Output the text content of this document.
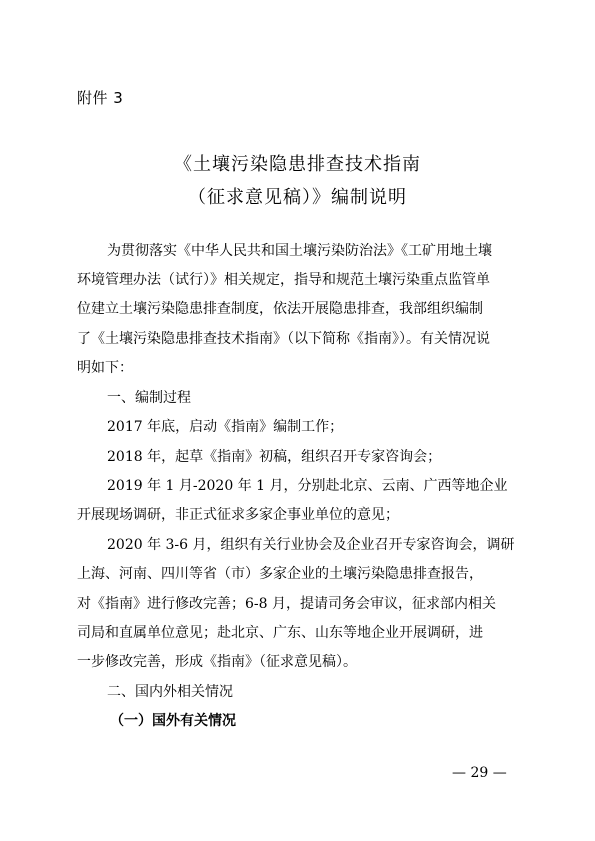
附件 3
《土壤污染隐患排查技术指南
（征求意见稿）》编制说明
为贯彻落实《中华人民共和国土壤污染防治法》《工矿用地土壤
环境管理办法（试行）》相关规定，指导和规范土壤污染重点监管单
位建立土壤污染隐患排查制度，依法开展隐患排查，我部组织编制
了《土壤污染隐患排查技术指南》（以下简称《指南》）。有关情况说
明如下：
一、编制过程
2017 年底，启动《指南》编制工作；
2018 年，起草《指南》初稿，组织召开专家咨询会；
2019 年 1 月-2020 年 1 月，分别赴北京、云南、广西等地企业
开展现场调研，非正式征求多家企事业单位的意见；
2020 年 3-6 月，组织有关行业协会及企业召开专家咨询会，调研
上海、河南、四川等省（市）多家企业的土壤污染隐患排查报告，
对《指南》进行修改完善；6-8 月，提请司务会审议，征求部内相关
司局和直属单位意见；赴北京、广东、山东等地企业开展调研，进
一步修改完善，形成《指南》（征求意见稿）。
二、国内外相关情况
（一）国外有关情况
— 29 —
